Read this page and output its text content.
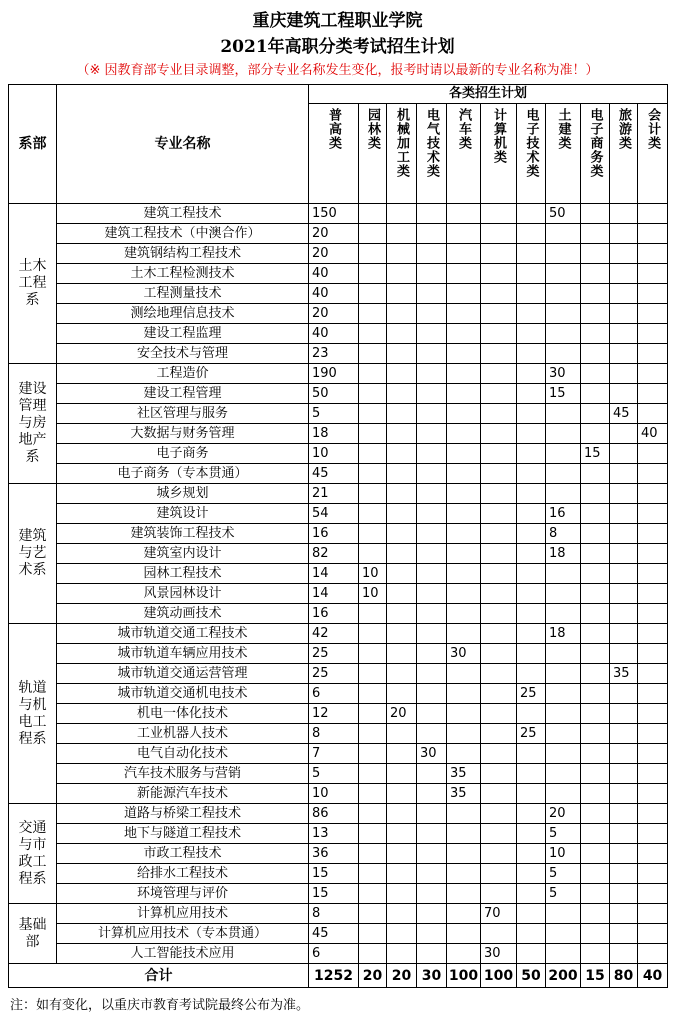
重庆建筑工程职业学院
2021年高职分类考试招生计划
（※ 因教育部专业目录调整，部分专业名称发生变化，报考时请以最新的专业名称为准！）
系部	专业名称	各类招生计划										
		普高类	园林类	机械加工类	电气技术类	汽车类	计算机类	电子技术类	土建类	电子商务类	旅游类	会计类
土木工程系	建筑工程技术	150							50			
	建筑工程技术（中澳合作）	20										
	建筑钢结构工程技术	20										
	土木工程检测技术	40										
	工程测量技术	40										
	测绘地理信息技术	20										
	建设工程监理	40										
	安全技术与管理	23										
建设管理与房地产系	工程造价	190							30			
	建设工程管理	50							15			
	社区管理与服务	5									45	
	大数据与财务管理	18										40
	电子商务	10								15		
	电子商务（专本贯通）	45										
建筑与艺术系	城乡规划	21										
	建筑设计	54							16			
	建筑装饰工程技术	16							8			
	建筑室内设计	82							18			
	园林工程技术	14	10									
	风景园林设计	14	10									
	建筑动画技术	16										
轨道与机电工程系	城市轨道交通工程技术	42							18			
	城市轨道车辆应用技术	25				30						
	城市轨道交通运营管理	25									35	
	城市轨道交通机电技术	6						25				
	机电一体化技术	12		20								
	工业机器人技术	8						25				
	电气自动化技术	7			30							
	汽车技术服务与营销	5				35						
	新能源汽车技术	10				35						
交通与市政工程系	道路与桥梁工程技术	86							20			
	地下与隧道工程技术	13							5			
	市政工程技术	36							10			
	给排水工程技术	15							5			
	环境管理与评价	15							5			
基础部	计算机应用技术	8					70					
	计算机应用技术（专本贯通）	45										
	人工智能技术应用	6					30					
合计		1252	20	20	30	100	100	50	200	15	80	40
注：如有变化，以重庆市教育考试院最终公布为准。
